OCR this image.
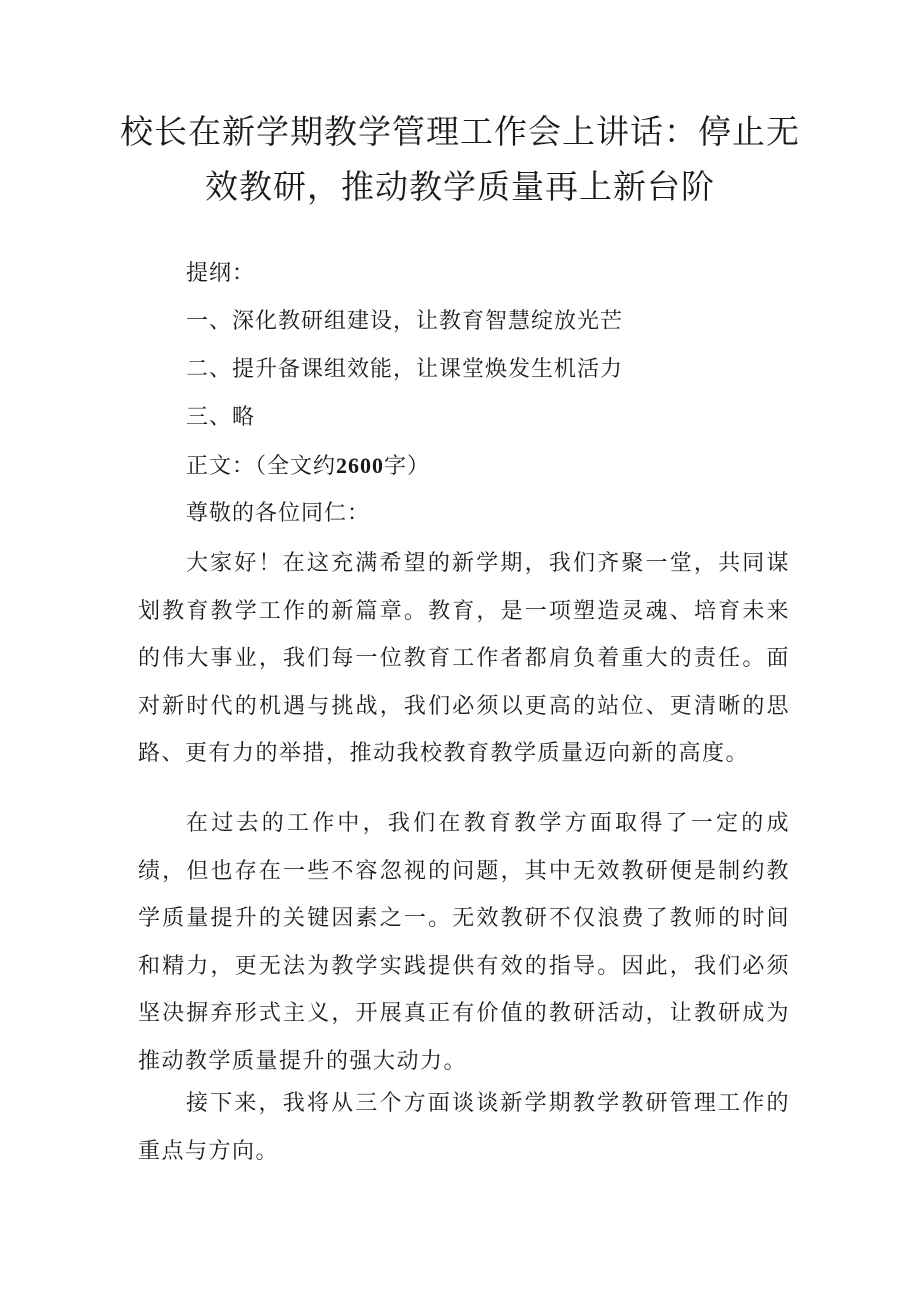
校长在新学期教学管理工作会上讲话：停止无效教研，推动教学质量再上新台阶
提纲：
一、深化教研组建设，让教育智慧绽放光芒
二、提升备课组效能，让课堂焕发生机活力
三、略
正文：（全文约2600字）
尊敬的各位同仁：

大家好！在这充满希望的新学期，我们齐聚一堂，共同谋划教育教学工作的新篇章。教育，是一项塑造灵魂、培育未来的伟大事业，我们每一位教育工作者都肩负着重大的责任。面对新时代的机遇与挑战，我们必须以更高的站位、更清晰的思路、更有力的举措，推动我校教育教学质量迈向新的高度。

在过去的工作中，我们在教育教学方面取得了一定的成绩，但也存在一些不容忽视的问题，其中无效教研便是制约教学质量提升的关键因素之一。无效教研不仅浪费了教师的时间和精力，更无法为教学实践提供有效的指导。因此，我们必须坚决摒弃形式主义，开展真正有价值的教研活动，让教研成为推动教学质量提升的强大动力。

接下来，我将从三个方面谈谈新学期教学教研管理工作的重点与方向。
